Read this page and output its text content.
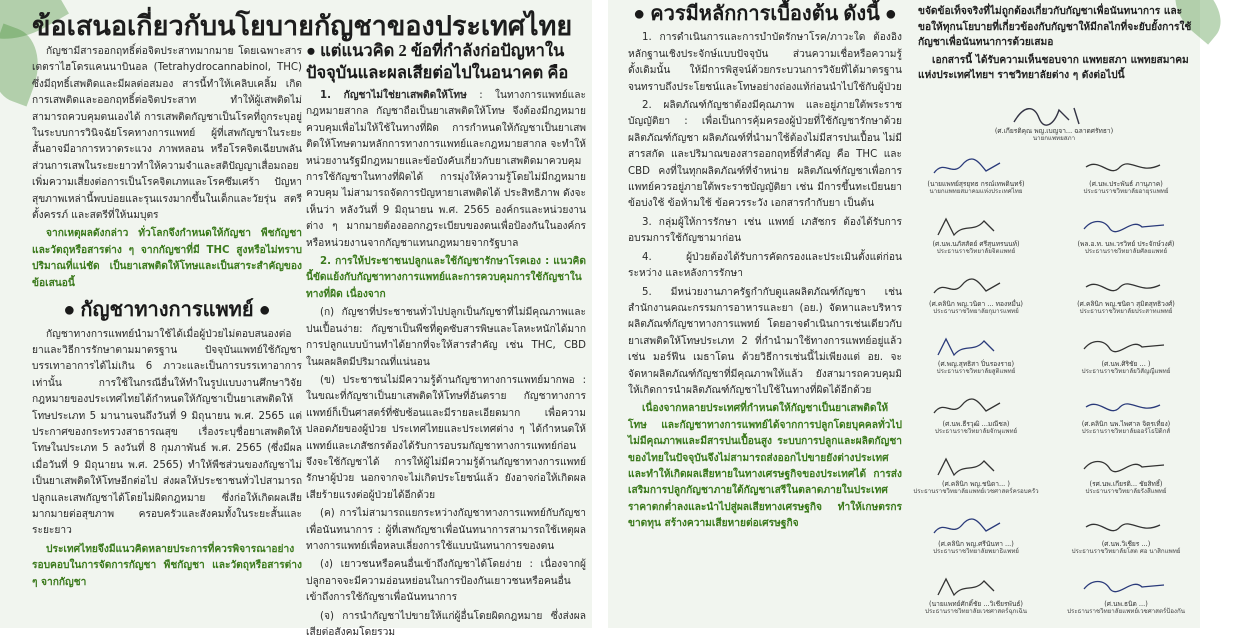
ข้อเสนอเกี่ยวกับนโยบายกัญชาของประเทศไทย

กัญชามีสารออกฤทธิ์ต่อจิตประสาทมากมาย โดยเฉพาะสารเตตราไฮโดรแคนนาบินอล (Tetrahydrocannabinol, THC) ซึ่งมีฤทธิ์เสพติดและมีผลต่อสมอง สารนี้ทำให้เคลิบเคลิ้ม เกิดการเสพติดและออกฤทธิ์ต่อจิตประสาท ทำให้ผู้เสพติดไม่สามารถควบคุมตนเองได้ การเสพติดกัญชาเป็นโรคที่ถูกระบุอยู่ในระบบการวินิจฉัยโรคทางการแพทย์ ผู้ที่เสพกัญชาในระยะสั้นอาจมีอาการหวาดระแวง ภาพหลอน หรือโรคจิตเฉียบพลัน ส่วนการเสพในระยะยาวทำให้ความจำและสติปัญญาเสื่อมถอย เพิ่มความเสี่ยงต่อการเป็นโรคจิตเภทและโรคซึมเศร้า ปัญหาสุขภาพเหล่านี้พบบ่อยและรุนแรงมากขึ้นในเด็กและวัยรุ่น สตรีตั้งครรภ์ และสตรีที่ให้นมบุตร

จากเหตุผลดังกล่าว ทั่วโลกจึงกำหนดให้กัญชา พืชกัญชา และวัตถุหรือสารต่าง ๆ จากกัญชาที่มี THC สูงหรือไม่ทราบปริมาณที่แน่ชัด เป็นยาเสพติดให้โทษและเป็นสาระสำคัญของข้อเสนอนี้

● กัญชาทางการแพทย์ ●

กัญชาทางการแพทย์นำมาใช้ได้เมื่อผู้ป่วยไม่ตอบสนองต่อยาและวิธีการรักษาตามมาตรฐาน ปัจจุบันแพทย์ใช้กัญชาบรรเทาอาการได้ไม่เกิน 6 ภาวะและเป็นการบรรเทาอาการเท่านั้น การใช้ในกรณีอื่นให้ทำในรูปแบบงานศึกษาวิจัย กฎหมายของประเทศไทยได้กำหนดให้กัญชาเป็นยาเสพติดให้โทษประเภท 5 มานานจนถึงวันที่ 9 มิถุนายน พ.ศ. 2565 แต่ประกาศของกระทรวงสาธารณสุข เรื่องระบุชื่อยาเสพติดให้โทษในประเภท 5 ลงวันที่ 8 กุมภาพันธ์ พ.ศ. 2565 (ซึ่งมีผลเมื่อวันที่ 9 มิถุนายน พ.ศ. 2565) ทำให้พืชส่วนของกัญชาไม่เป็นยาเสพติดให้โทษอีกต่อไป ส่งผลให้ประชาชนทั่วไปสามารถปลูกและเสพกัญชาได้โดยไม่ผิดกฎหมาย ซึ่งก่อให้เกิดผลเสียมากมายต่อสุขภาพ ครอบครัวและสังคมทั้งในระยะสั้นและระยะยาว

ประเทศไทยจึงมีแนวคิดหลายประการที่ควรพิจารณาอย่างรอบคอบในการจัดการกัญชา พืชกัญชา และวัตถุหรือสารต่าง ๆ จากกัญชา

● แต่แนวคิด 2 ข้อที่กำลังก่อปัญหาในปัจจุบันและผลเสียต่อไปในอนาคต คือ

1. กัญชาไม่ใช่ยาเสพติดให้โทษ : ในทางการแพทย์และกฎหมายสากล กัญชาถือเป็นยาเสพติดให้โทษ จึงต้องมีกฎหมายควบคุมเพื่อไม่ให้ใช้ในทางที่ผิด การกำหนดให้กัญชาเป็นยาเสพติดให้โทษตามหลักการทางการแพทย์และกฎหมายสากล จะทำให้หน่วยงานรัฐมีกฎหมายและข้อบังคับเกี่ยวกับยาเสพติดมาควบคุมการใช้กัญชาในทางที่ผิดได้ การมุ่งให้ความรู้โดยไม่มีกฎหมายควบคุม ไม่สามารถจัดการปัญหายาเสพติดได้ ประสิทธิภาพ ดังจะเห็นว่า หลังวันที่ 9 มิถุนายน พ.ศ. 2565 องค์กรและหน่วยงานต่าง ๆ มากมายต้องออกกฎระเบียบของตนเพื่อป้องกันในองค์กรหรือหน่วยงานจากกัญชาแทนกฎหมายจากรัฐบาล

2. การให้ประชาชนปลูกและใช้กัญชารักษาโรคเอง : แนวคิดนี้ขัดแย้งกับกัญชาทางการแพทย์และการควบคุมการใช้กัญชาในทางที่ผิด เนื่องจาก

(ก) กัญชาที่ประชาชนทั่วไปปลูกเป็นกัญชาที่ไม่มีคุณภาพและปนเปื้อนง่าย: กัญชาเป็นพืชที่ดูดซับสารพิษและโลหะหนักได้มาก การปลูกแบบบ้านทำได้ยากที่จะให้สารสำคัญ เช่น THC, CBD ในผลผลิตมีปริมาณที่แน่นอน

(ข) ประชาชนไม่มีความรู้ด้านกัญชาทางการแพทย์มากพอ : ในขณะที่กัญชาเป็นยาเสพติดให้โทษที่อันตราย กัญชาทางการแพทย์ก็เป็นศาสตร์ที่ซับซ้อนและมีรายละเอียดมาก เพื่อความปลอดภัยของผู้ป่วย ประเทศไทยและประเทศต่าง ๆ ได้กำหนดให้แพทย์และเภสัชกรต้องได้รับการอบรมกัญชาทางการแพทย์ก่อนจึงจะใช้กัญชาได้ การให้ผู้ไม่มีความรู้ด้านกัญชาทางการแพทย์รักษาผู้ป่วย นอกจากจะไม่เกิดประโยชน์แล้ว ยังอาจก่อให้เกิดผลเสียร้ายแรงต่อผู้ป่วยได้อีกด้วย

(ค) การไม่สามารถแยกระหว่างกัญชาทางการแพทย์กับกัญชาเพื่อนันทนาการ : ผู้ที่เสพกัญชาเพื่อนันทนาการสามารถใช้เหตุผลทางการแพทย์เพื่อหลบเลี่ยงการใช้แบบนันทนาการของตน

(ง) เยาวชนหรือคนอื่นเข้าถึงกัญชาได้โดยง่าย : เนื่องจากผู้ปลูกอาจจะมีความอ่อนหย่อนในการป้องกันเยาวชนหรือคนอื่นเข้าถึงการใช้กัญชาเพื่อนันทนาการ

(จ) การนำกัญชาไปขายให้แก่ผู้อื่นโดยผิดกฎหมาย ซึ่งส่งผลเสียต่อสังคมโดยรวม

● ควรมีหลักการเบื้องต้น ดังนี้ ●

1. การดำเนินการและการบำบัดรักษาโรค/ภาวะใด ต้องอิงหลักฐานเชิงประจักษ์แบบปัจจุบัน ส่วนความเชื่อหรือความรู้ดั้งเดิมนั้น ให้มีการพิสูจน์ด้วยกระบวนการวิจัยที่ได้มาตรฐาน จนทราบถึงประโยชน์และโทษอย่างถ่องแท้ก่อนนำไปใช้กับผู้ป่วย

2. ผลิตภัณฑ์กัญชาต้องมีคุณภาพ และอยู่ภายใต้พระราชบัญญัติยา : เพื่อเป็นการคุ้มครองผู้ป่วยที่ใช้กัญชารักษาด้วยผลิตภัณฑ์กัญชา ผลิตภัณฑ์ที่นำมาใช้ต้องไม่มีสารปนเปื้อน ไม่มีสารสกัด และปริมาณของสารออกฤทธิ์ที่สำคัญ คือ THC และ CBD คงที่ในทุกผลิตภัณฑ์ที่จำหน่าย ผลิตภัณฑ์กัญชาเพื่อการแพทย์ควรอยู่ภายใต้พระราชบัญญัติยา เช่น มีการขึ้นทะเบียนยา ข้อบ่งใช้ ข้อห้ามใช้ ข้อควรระวัง เอกสารกำกับยา เป็นต้น

3. กลุ่มผู้ให้การรักษา เช่น แพทย์ เภสัชกร ต้องได้รับการอบรมการใช้กัญชามาก่อน

4. ผู้ป่วยต้องได้รับการคัดกรองและประเมินตั้งแต่ก่อนระหว่าง และหลังการรักษา

5. มีหน่วยงานภาครัฐกำกับดูแลผลิตภัณฑ์กัญชา เช่น สำนักงานคณะกรรมการอาหารและยา (อย.) จัดหาและบริหารผลิตภัณฑ์กัญชาทางการแพทย์ โดยอาจดำเนินการเช่นเดียวกับยาเสพติดให้โทษประเภท 2 ที่กำนำมาใช้ทางการแพทย์อยู่แล้ว เช่น มอร์ฟีน เมธาโดน ด้วยวิธีการเช่นนี้ไม่เพียงแต่ อย. จะจัดหาผลิตภัณฑ์กัญชาที่มีคุณภาพให้แล้ว ยังสามารถควบคุมมิให้เกิดการนำผลิตภัณฑ์กัญชาไปใช้ในทางที่ผิดได้อีกด้วย

เนื่องจากหลายประเทศที่กำหนดให้กัญชาเป็นยาเสพติดให้โทษ และกัญชาทางการแพทย์ได้จากการปลูกโดยบุคคลทั่วไปไม่มีคุณภาพและมีสารปนเปื้อนสูง ระบบการปลูกและผลิตกัญชาของไทยในปัจจุบันจึงไม่สามารถส่งออกไปขายยังต่างประเทศและทำให้เกิดผลเสียหายในทางเศรษฐกิจของประเทศได้ การส่งเสริมการปลูกกัญชาภายใต้กัญชาเสรีในตลาดภายในประเทศ ราคาตกต่ำลงและนำไปสู่ผลเสียทางเศรษฐกิจ ทำให้เกษตรกรขาดทุน สร้างความเสียหายต่อเศรษฐกิจ

ขจัดข้อเท็จจริงที่ไม่ถูกต้องเกี่ยวกับกัญชาเพื่อนันทนาการ และขอให้ทุกนโยบายที่เกี่ยวข้องกับกัญชาให้มีกลไกที่จะยับยั้งการใช้กัญชาเพื่อนันทนาการด้วยเสมอ
เอกสารนี้ ได้รับความเห็นชอบจาก แพทยสภา แพทยสมาคมแห่งประเทศไทยฯ ราชวิทยาลัยต่าง ๆ ดังต่อไปนี้
(ศ.เกียรติคุณ พญ.เบญจา... ฉลาดศรัทธา)
นายกแพทยสภา
(นายแพทย์สุรยุทธ กรณ์เทพดินทร์)
นายกแพทยสมาคมแห่งประเทศไทย
(ศ.นพ.ประพันธ์ ภานุภาค)
ประธานราชวิทยาลัยอายุรแพทย์
(ศ.นพ.นภัสสัตย์ ศรีสุนทรนนท์)
ประธานราชวิทยาลัยจิตแพทย์
(พล.อ.ท. นพ.วรวิทย์ ประจักษ์วงศ์)
ประธานราชวิทยาลัยศัลยแพทย์
(ศ.คลินิก พญ.วนิดา ... ทองหมื่น)
ประธานราชวิทยาลัยกุมารแพทย์
(ศ.คลินิก พญ.ชนิดา สุมิตสุทธิวงศ์)
ประธานราชวิทยาลัยประสาทแพทย์
(ศ.พญ.สุทธิสา ปิ่นรองราย)
ประธานราชวิทยาลัยสูติแพทย์
(ศ.นพ.ศิริชัย ... )
ประธานราชวิทยาลัยวิสัญญีแพทย์
(ศ.นพ.ธีรวุฒิ ...มณีชล)
ประธานราชวิทยาลัยจักษุแพทย์
(ศ.คลินิก นพ.ไพศาล จิตรเที่ยง)
ประธานราชวิทยาลัยออร์โธปิดิกส์
(ศ.คลินิก พญ.ชนิดา... )
ประธานราชวิทยาลัยแพทย์เวชศาสตร์ครอบครัว
(รศ.นพ.เกียรติ... ชัยสิทธิ์)
ประธานราชวิทยาลัยรังสีแพทย์
(ศ.คลินิก พญ.ศรีนันทา ...)
ประธานราชวิทยาลัยพยาธิแพทย์
(ศ.นพ.วิเชียร ...)
ประธานราชวิทยาลัยโสต ศอ นาสิกแพทย์
(นายแพทย์ศักดิ์ชัย ...วิเชียรพันธ์)
ประธานราชวิทยาลัยเวชศาสตร์ฉุกเฉิน
(ศ.นพ.ธนิต ...)
ประธานราชวิทยาลัยแพทย์เวชศาสตร์ป้องกัน
